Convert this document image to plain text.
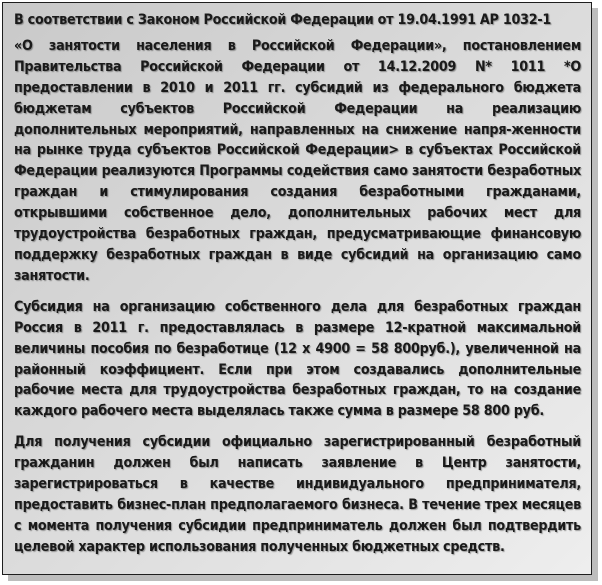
В соответствии с Законом Российской Федерации от 19.04.1991 АР 1032-1

«О занятости населения в Российской Федерации», постановлением Правительства Российской Федерации от 14.12.2009 N* 1011 *О предоставлении в 2010 и 2011 гг. субсидий из федерального бюджета бюджетам субъектов Российской Федерации на реализацию дополнительных мероприятий, направленных на снижение напря-женности на рынке труда субъектов Российской Федерации> в субъектах Российской Федерации реализуются Программы содействия само занятости безработных граждан и стимулирования создания безработными гражданами, открывшими собственное дело, дополнительных рабочих мест для трудоустройства безработных граждан, предусматривающие финансовую поддержку безработных граждан в виде субсидий на организацию само занятости.

Субсидия на организацию собственного дела для безработных граждан Россия в 2011 г. предоставлялась в размере 12-кратной максимальной величины пособия по безработице (12 х 4900 = 58 800руб.), увеличенной на районный коэффициент. Если при этом создавались дополнительные рабочие места для трудоустройства безработных граждан, то на создание каждого рабочего места выделялась также сумма в размере 58 800 руб.

Для получения субсидии официально зарегистрированный безработный гражданин должен был написать заявление в Центр занятости, зарегистрироваться в качестве индивидуального предпринимателя, предоставить бизнес-план предполагаемого бизнеса. В течение трех месяцев с момента получения субсидии предприниматель должен был подтвердить целевой характер использования полученных бюджетных средств.
